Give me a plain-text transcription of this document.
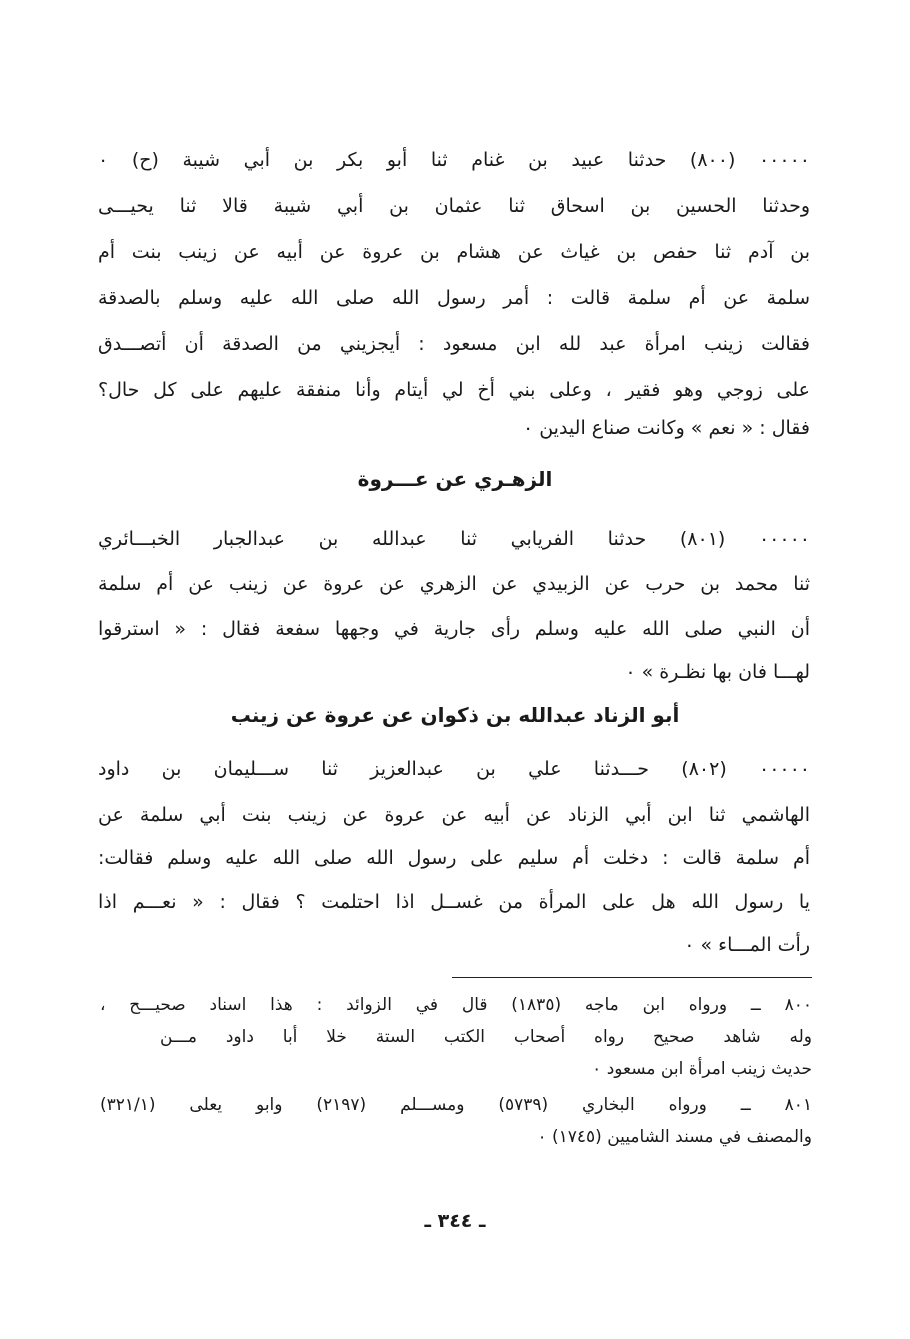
٠٠٠٠٠ (٨٠٠) حدثنا عبيد بن غنام ثنا أبو بكر بن أبي شيبة (ح) ٠
وحدثنا الحسين بن اسحاق ثنا عثمان بن أبي شيبة قالا ثنا يحيـــى
بن آدم ثنا حفص بن غياث عن هشام بن عروة عن أبيه عن زينب بنت أم
سلمة عن أم سلمة قالت : أمر رسول الله صلى الله عليه وسلم بالصدقة
فقالت زينب امرأة عبد لله ابن مسعود : أيجزيني من الصدقة أن أتصـــدق
على زوجي وهو فقير ، وعلى بني أخ لي أيتام وأنا منفقة عليهم على كل حال؟
فقال : « نعم » وكانت صناع اليدين ٠
الزهـري عن عـــروة
٠٠٠٠٠ (٨٠١) حدثنا الفريابي ثنا عبدالله بن عبدالجبار الخبـــائري
ثنا محمد بن حرب عن الزبيدي عن الزهري عن عروة عن زينب عن أم سلمة
أن النبي صلى الله عليه وسلم رأى جارية في وجهها سفعة فقال : « استرقوا
لهـــا فان بها نظـرة » ٠
أبو الزناد عبدالله بن ذكوان عن عروة عن زينب
٠٠٠٠٠ (٨٠٢) حـــدثنا علي بن عبدالعزيز ثنا ســـليمان بن داود
الهاشمي ثنا ابن أبي الزناد عن أبيه عن عروة عن زينب بنت أبي سلمة عن
أم سلمة قالت : دخلت أم سليم على رسول الله صلى الله عليه وسلم فقالت:
يا رسول الله هل على المرأة من غســل اذا احتلمت ؟ فقال : « نعـــم اذا
رأت المـــاء » ٠
٨٠٠ ــ ورواه ابن ماجه (١٨٣٥) قال في الزوائد : هذا اسناد صحيـــح ،
وله شاهد صحيح رواه أصحاب الكتب الستة خلا أبا داود مـــن
حديث زينب امرأة ابن مسعود ٠
٨٠١ ــ ورواه البخاري (٥٧٣٩) ومســـلم (٢١٩٧) وابو يعلى (٣٢١/١)
والمصنف في مسند الشاميين (١٧٤٥) ٠
ـ ٣٤٤ ـ
